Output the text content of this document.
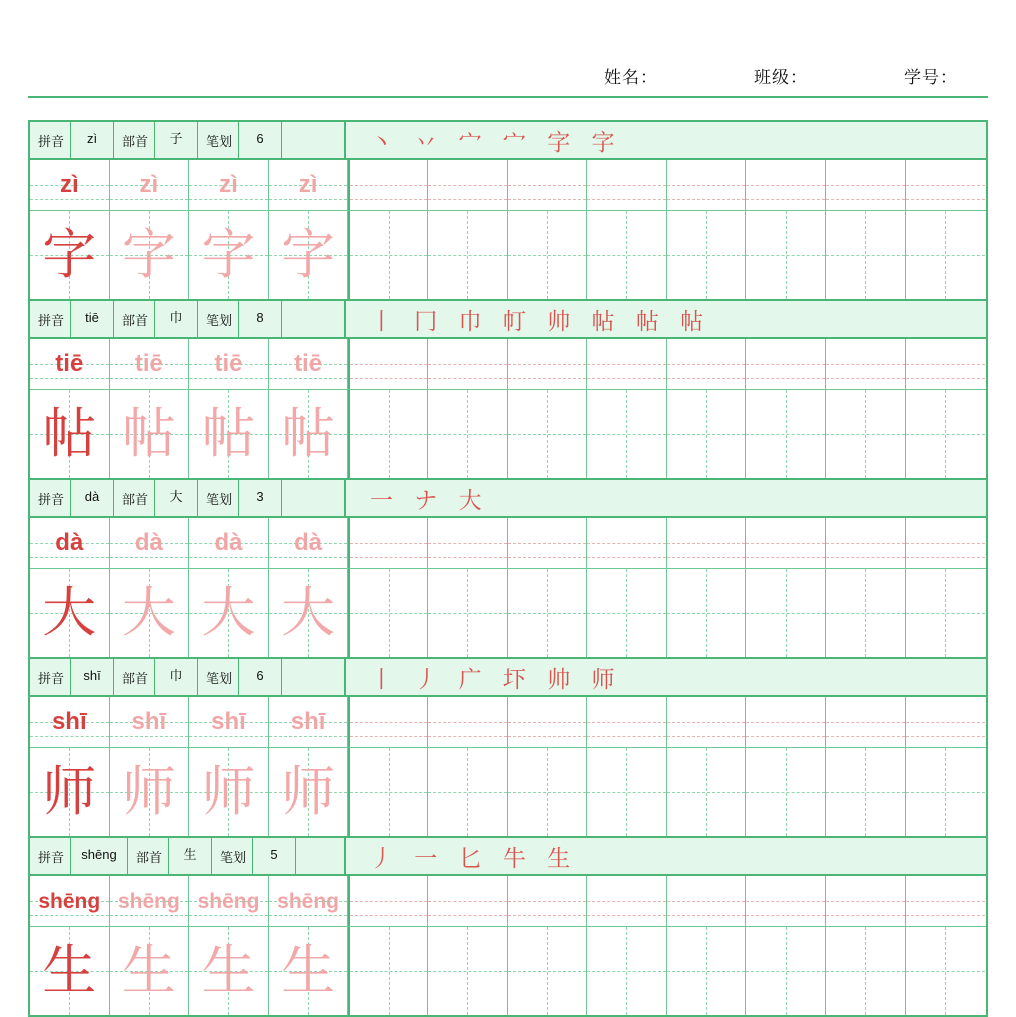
姓名：	班级：	学号：
拼音	zì	部首	子	笔划	6	丶 丷 宀 宀 字 字
zì	zì	zì	zì
字 字 字 字
拼音	tiē	部首	巾	笔划	8	丨 冂 巾 帄 帅 帖 帖 帖
tiē tiē tiē tiē
帖 帖 帖 帖
拼音	dà	部首	大	笔划	3	一 ナ 大
dà dà dà dà
大 大 大 大
拼音	shī	部首	巾	笔划	6	丨 丿 广 圷 帅 师
shī shī shī shī
师 师 师 师
拼音	shēng	部首	生	笔划	5	丿 一 匕 牛 生
shēng shēng shēng shēng
生 生 生 生
